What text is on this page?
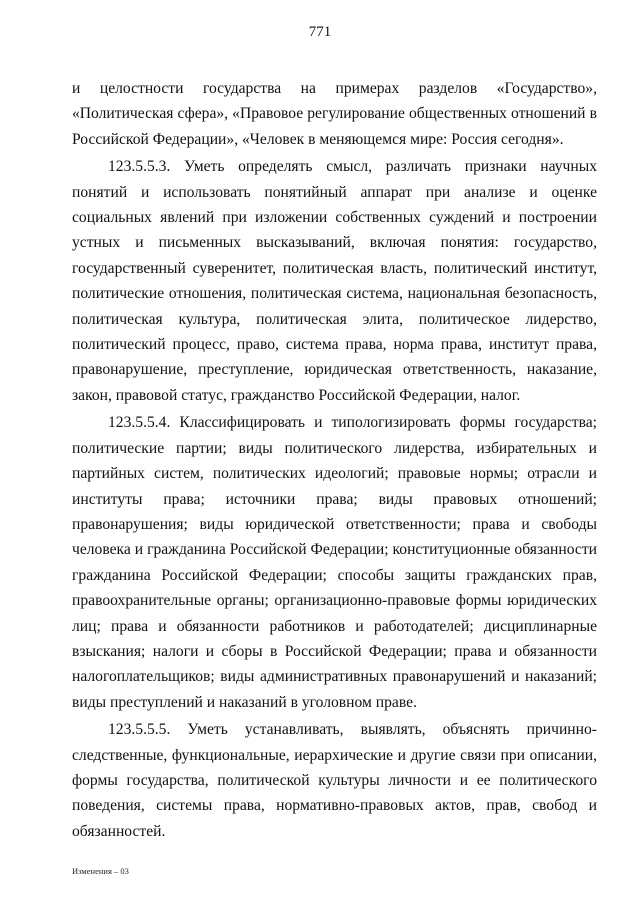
771

и целостности государства на примерах разделов «Государство», «Политическая сфера», «Правовое регулирование общественных отношений в Российской Федерации», «Человек в меняющемся мире: Россия сегодня».

123.5.5.3. Уметь определять смысл, различать признаки научных понятий и использовать понятийный аппарат при анализе и оценке социальных явлений при изложении собственных суждений и построении устных и письменных высказываний, включая понятия: государство, государственный суверенитет, политическая власть, политический институт, политические отношения, политическая система, национальная безопасность, политическая культура, политическая элита, политическое лидерство, политический процесс, право, система права, норма права, институт права, правонарушение, преступление, юридическая ответственность, наказание, закон, правовой статус, гражданство Российской Федерации, налог.

123.5.5.4. Классифицировать и типологизировать формы государства; политические партии; виды политического лидерства, избирательных и партийных систем, политических идеологий; правовые нормы; отрасли и институты права; источники права; виды правовых отношений; правонарушения; виды юридической ответственности; права и свободы человека и гражданина Российской Федерации; конституционные обязанности гражданина Российской Федерации; способы защиты гражданских прав, правоохранительные органы; организационно-правовые формы юридических лиц; права и обязанности работников и работодателей; дисциплинарные взыскания; налоги и сборы в Российской Федерации; права и обязанности налогоплательщиков; виды административных правонарушений и наказаний; виды преступлений и наказаний в уголовном праве.

123.5.5.5. Уметь устанавливать, выявлять, объяснять причинно-следственные, функциональные, иерархические и другие связи при описании, формы государства, политической культуры личности и ее политического поведения, системы права, нормативно-правовых актов, прав, свобод и обязанностей.

Изменения – 03
